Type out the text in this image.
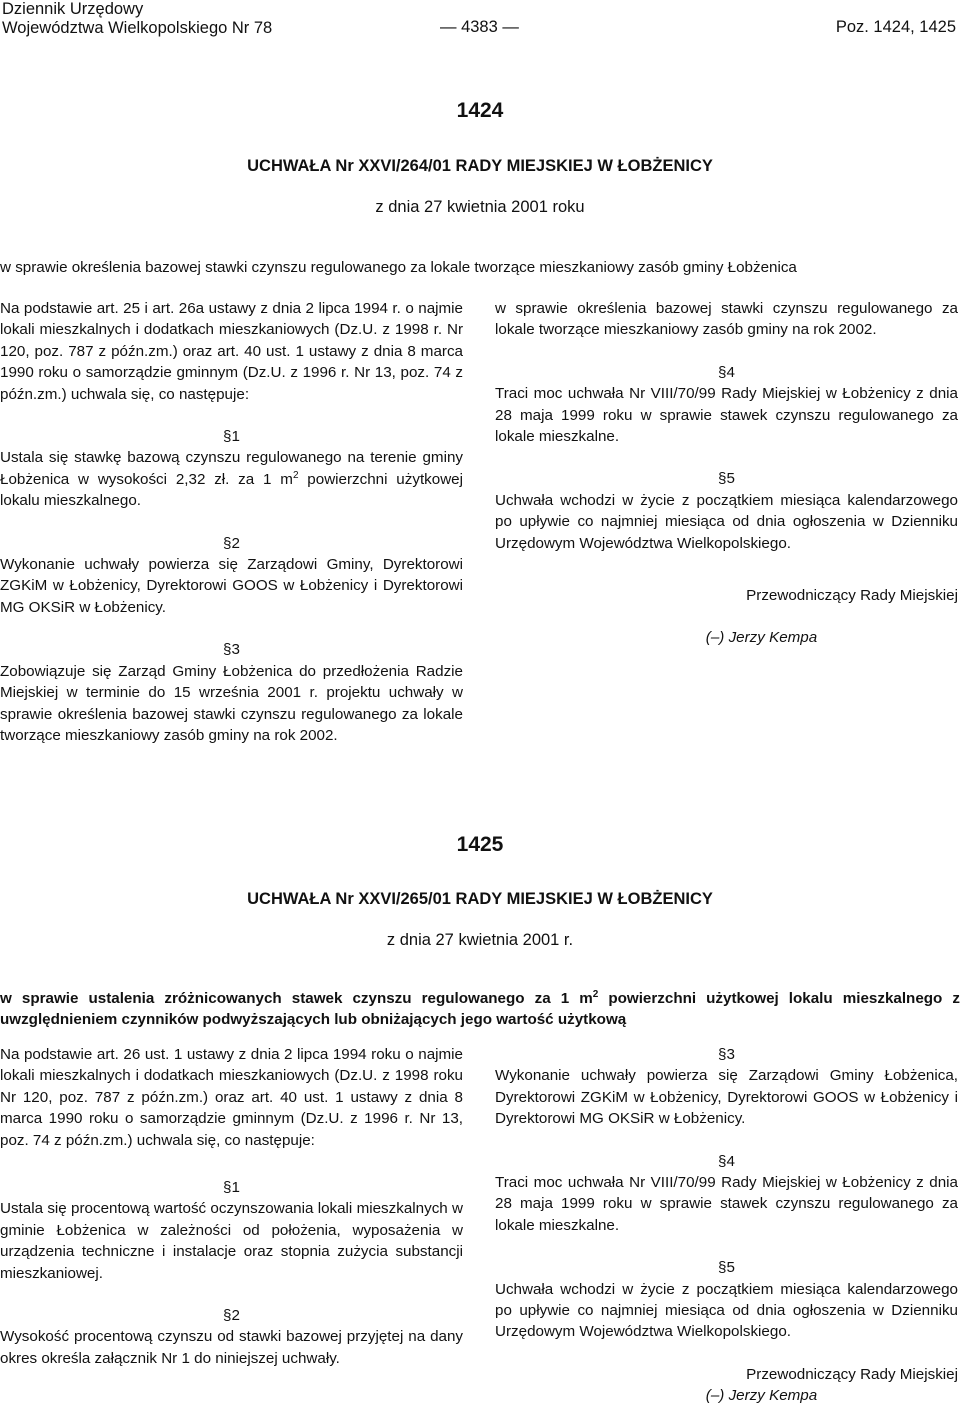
Dziennik Urzędowy
Województwa Wielkopolskiego Nr 78	— 4383 —	Poz. 1424, 1425
1424
UCHWAŁA Nr XXVI/264/01 RADY MIEJSKIEJ W ŁOBŻENICY
z dnia 27 kwietnia 2001 roku
w sprawie określenia bazowej stawki czynszu regulowanego za lokale tworzące mieszkaniowy zasób gminy Łobżenica

Na podstawie art. 25 i art. 26a ustawy z dnia 2 lipca 1994 r. o najmie lokali mieszkalnych i dodatkach mieszkaniowych (Dz.U. z 1998 r. Nr 120, poz. 787 z późn.zm.) oraz art. 40 ust. 1 ustawy z dnia 8 marca 1990 roku o samorządzie gminnym (Dz.U. z 1996 r. Nr 13, poz. 74 z późn.zm.) uchwala się, co następuje:

§1

Ustala się stawkę bazową czynszu regulowanego na terenie gminy Łobżenica w wysokości 2,32 zł. za 1 $m^2$ powierzchni użytkowej lokalu mieszkalnego.

§2

Wykonanie uchwały powierza się Zarządowi Gminy, Dyrektorowi ZGKiM w Łobżenicy, Dyrektorowi GOOS w Łobżenicy i Dyrektorowi MG OKSiR w Łobżenicy.

§3

Zobowiązuje się Zarząd Gminy Łobżenica do przedłożenia Radzie Miejskiej w terminie do 15 września 2001 r. projektu uchwały w sprawie określenia bazowej stawki czynszu regulowanego za lokale tworzące mieszkaniowy zasób gminy na rok 2002.

w sprawie określenia bazowej stawki czynszu regulowanego za lokale tworzące mieszkaniowy zasób gminy na rok 2002.

§4

Traci moc uchwała Nr VIII/70/99 Rady Miejskiej w Łobżenicy z dnia 28 maja 1999 roku w sprawie stawek czynszu regulowanego za lokale mieszkalne.

§5

Uchwała wchodzi w życie z początkiem miesiąca kalendarzowego po upływie co najmniej miesiąca od dnia ogłoszenia w Dzienniku Urzędowym Województwa Wielkopolskiego.

Przewodniczący Rady Miejskiej

(–) Jerzy Kempa

1425
UCHWAŁA Nr XXVI/265/01 RADY MIEJSKIEJ W ŁOBŻENICY
z dnia 27 kwietnia 2001 r.
w sprawie ustalenia zróżnicowanych stawek czynszu regulowanego za 1 $m^2$ powierzchni użytkowej lokalu mieszkalnego z uwzględnieniem czynników podwyższających lub obniżających jego wartość użytkową

Na podstawie art. 26 ust. 1 ustawy z dnia 2 lipca 1994 roku o najmie lokali mieszkalnych i dodatkach mieszkaniowych (Dz.U. z 1998 roku Nr 120, poz. 787 z późn.zm.) oraz art. 40 ust. 1 ustawy z dnia 8 marca 1990 roku o samorządzie gminnym (Dz.U. z 1996 r. Nr 13, poz. 74 z późn.zm.) uchwala się, co następuje:

§1

Ustala się procentową wartość oczynszowania lokali mieszkalnych w gminie Łobżenica w zależności od położenia, wyposażenia w urządzenia techniczne i instalacje oraz stopnia zużycia substancji mieszkaniowej.

§2

Wysokość procentową czynszu od stawki bazowej przyjętej na dany okres określa załącznik Nr 1 do niniejszej uchwały.

§3

Wykonanie uchwały powierza się Zarządowi Gminy Łobżenica, Dyrektorowi ZGKiM w Łobżenicy, Dyrektorowi GOOS w Łobżenicy i Dyrektorowi MG OKSiR w Łobżenicy.

§4

Traci moc uchwała Nr VIII/70/99 Rady Miejskiej w Łobżenicy z dnia 28 maja 1999 roku w sprawie stawek czynszu regulowanego za lokale mieszkalne.

§5

Uchwała wchodzi w życie z początkiem miesiąca kalendarzowego po upływie co najmniej miesiąca od dnia ogłoszenia w Dzienniku Urzędowym Województwa Wielkopolskiego.

Przewodniczący Rady Miejskiej

(–) Jerzy Kempa
